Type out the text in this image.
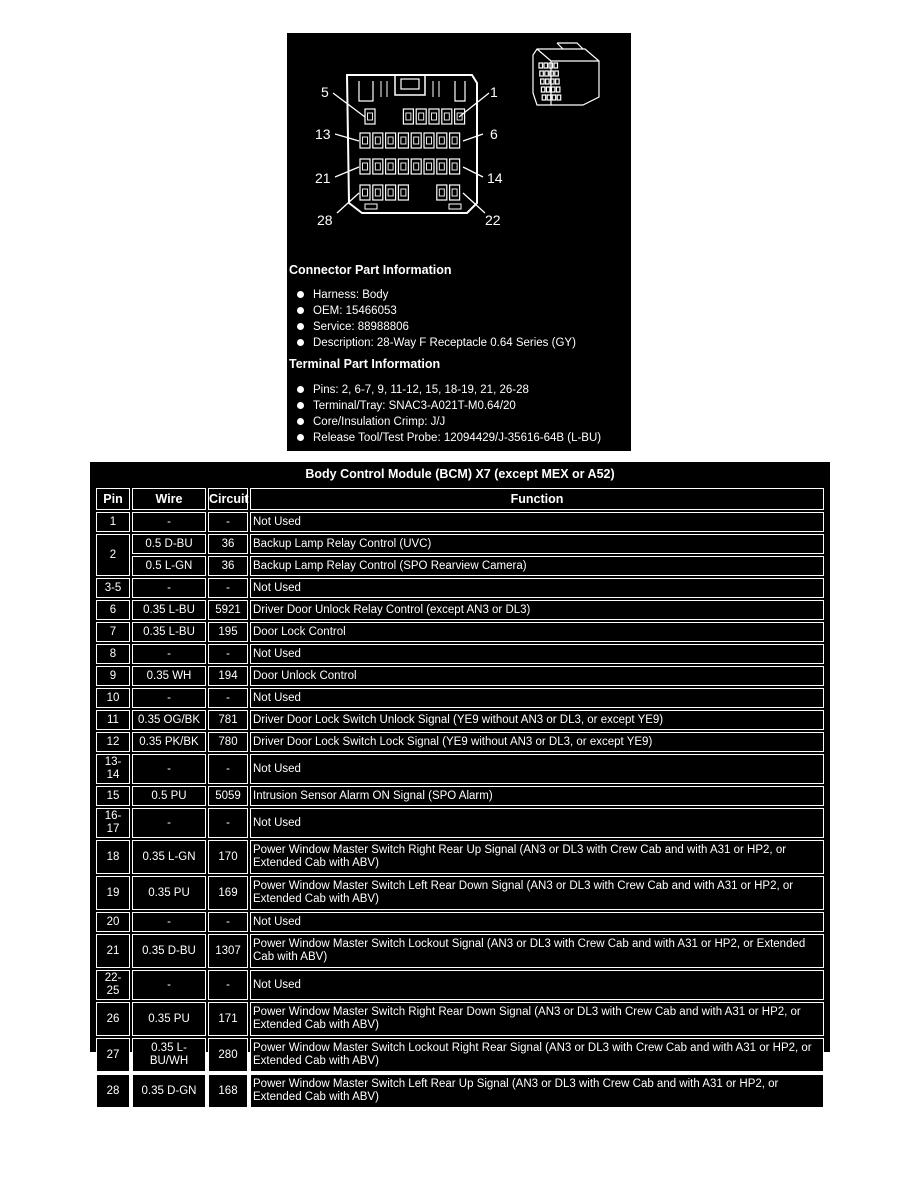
5	1
13	6
21	14
28	22
Connector Part Information
Harness: Body
OEM: 15466053
Service: 88988806
Description: 28-Way F Receptacle 0.64 Series (GY)
Terminal Part Information
Pins: 2, 6-7, 9, 11-12, 15, 18-19, 21, 26-28
Terminal/Tray: SNAC3-A021T-M0.64/20
Core/Insulation Crimp: J/J
Release Tool/Test Probe: 12094429/J-35616-64B (L-BU)
Body Control Module (BCM) X7 (except MEX or A52)
Pin	Wire	Circuit	Function
1	-	-	Not Used
2	0.5 D-BU	36	Backup Lamp Relay Control (UVC)
	0.5 L-GN	36	Backup Lamp Relay Control (SPO Rearview Camera)
3-5	-	-	Not Used
6	0.35 L-BU	5921	Driver Door Unlock Relay Control (except AN3 or DL3)
7	0.35 L-BU	195	Door Lock Control
8	-	-	Not Used
9	0.35 WH	194	Door Unlock Control
10	-	-	Not Used
11	0.35 OG/BK	781	Driver Door Lock Switch Unlock Signal (YE9 without AN3 or DL3, or except YE9)
12	0.35 PK/BK	780	Driver Door Lock Switch Lock Signal (YE9 without AN3 or DL3, or except YE9)
13-14	-	-	Not Used
15	0.5 PU	5059	Intrusion Sensor Alarm ON Signal (SPO Alarm)
16-17	-	-	Not Used
18	0.35 L-GN	170	Power Window Master Switch Right Rear Up Signal (AN3 or DL3 with Crew Cab and with A31 or HP2, or Extended Cab with ABV)
19	0.35 PU	169	Power Window Master Switch Left Rear Down Signal (AN3 or DL3 with Crew Cab and with A31 or HP2, or Extended Cab with ABV)
20	-	-	Not Used
21	0.35 D-BU	1307	Power Window Master Switch Lockout Signal (AN3 or DL3 with Crew Cab and with A31 or HP2, or Extended Cab with ABV)
22-25	-	-	Not Used
26	0.35 PU	171	Power Window Master Switch Right Rear Down Signal (AN3 or DL3 with Crew Cab and with A31 or HP2, or Extended Cab with ABV)
27	0.35 L-BU/WH	280	Power Window Master Switch Lockout Right Rear Signal (AN3 or DL3 with Crew Cab and with A31 or HP2, or Extended Cab with ABV)
28	0.35 D-GN	168	Power Window Master Switch Left Rear Up Signal (AN3 or DL3 with Crew Cab and with A31 or HP2, or Extended Cab with ABV)
